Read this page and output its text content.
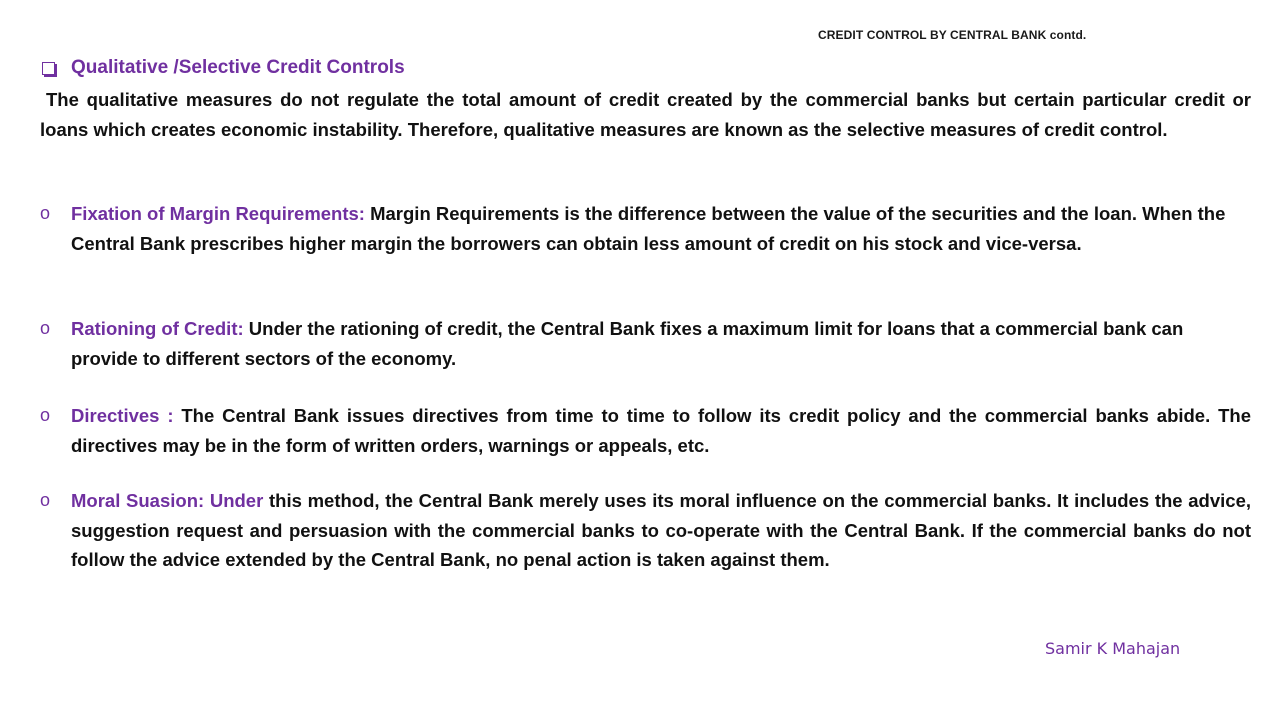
CREDIT CONTROL BY CENTRAL BANK contd.
Qualitative /Selective Credit Controls
The qualitative measures do not regulate the total amount of credit created by the commercial banks but certain particular credit or loans which creates economic instability. Therefore, qualitative measures are known as the selective measures of credit control.
o Fixation of Margin Requirements: Margin Requirements is the difference between the value of the securities and the loan. When the Central Bank prescribes higher margin the borrowers can obtain less amount of credit on his stock and vice-versa.
o Rationing of Credit: Under the rationing of credit, the Central Bank fixes a maximum limit for loans that a commercial bank can provide to different sectors of the economy.
o Directives : The Central Bank issues directives from time to time to follow its credit policy and the commercial banks abide. The directives may be in the form of written orders, warnings or appeals, etc.
o Moral Suasion: Under this method, the Central Bank merely uses its moral influence on the commercial banks. It includes the advice, suggestion request and persuasion with the commercial banks to co-operate with the Central Bank. If the commercial banks do not follow the advice extended by the Central Bank, no penal action is taken against them.
Samir K Mahajan
